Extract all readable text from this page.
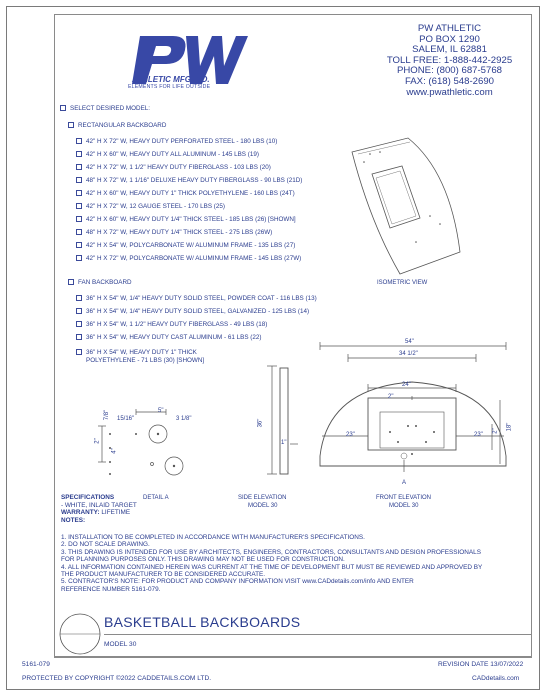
ATHLETIC MFG. CO.
ELEMENTS FOR LIFE OUTSIDE
PW ATHLETIC
PO BOX 1290
SALEM, IL 62881
TOLL FREE: 1-888-442-2925
PHONE: (800) 687-5768
FAX: (618) 548-2690
www.pwathletic.com
SELECT DESIRED MODEL:
RECTANGULAR BACKBOARD
42" H X 72" W, HEAVY DUTY PERFORATED STEEL - 180 LBS (10)
42" H X 60" W, HEAVY DUTY ALL ALUMINUM - 145 LBS (19)
42" H X 72" W, 1 1/2" HEAVY DUTY FIBERGLASS - 103 LBS (20)
48" H X 72" W, 1 1/16" DELUXE HEAVY DUTY FIBERGLASS - 90 LBS (21D)
42" H X 60" W, HEAVY DUTY 1" THICK POLYETHYLENE - 160 LBS (24T)
42" H X 72" W, 12 GAUGE STEEL - 170 LBS (25)
42" H X 60" W, HEAVY DUTY 1/4" THICK STEEL - 185 LBS (26) [SHOWN]
48" H X 72" W, HEAVY DUTY 1/4" THICK STEEL - 275 LBS (26W)
42" H X 54" W, POLYCARBONATE W/ ALUMINUM FRAME - 135 LBS (27)
42" H X 72" W, POLYCARBONATE W/ ALUMINUM FRAME - 145 LBS (27W)
FAN BACKBOARD
36" H X 54" W, 1/4" HEAVY DUTY SOLID STEEL, POWDER COAT - 116 LBS (13)
36" H X 54" W, 1/4" HEAVY DUTY SOLID STEEL, GALVANIZED - 125 LBS (14)
36" H X 54" W, 1 1/2" HEAVY DUTY FIBERGLASS - 49 LBS (18)
36" H X 54" W, HEAVY DUTY CAST ALUMINUM - 61 LBS (22)
36" H X 54" W, HEAVY DUTY 1" THICK
POLYETHYLENE - 71 LBS (30) [SHOWN]
ISOMETRIC VIEW
54"
34 1/2"
24"
2"
23"	23"
2" 18"
A
FRONT ELEVATION
MODEL 30
36"
1"
SIDE ELEVATION
MODEL 30
5"
15/16"	3 1/8"
7/8"
2"
4"
DETAIL A
SPECIFICATIONS
- WHITE, INLAID TARGET
WARRANTY: LIFETIME
NOTES:
1. INSTALLATION TO BE COMPLETED IN ACCORDANCE WITH MANUFACTURER'S SPECIFICATIONS.
2. DO NOT SCALE DRAWING.
3. THIS DRAWING IS INTENDED FOR USE BY ARCHITECTS, ENGINEERS, CONTRACTORS, CONSULTANTS AND DESIGN PROFESSIONALS
FOR PLANNING PURPOSES ONLY. THIS DRAWING MAY NOT BE USED FOR CONSTRUCTION.
4. ALL INFORMATION CONTAINED HEREIN WAS CURRENT AT THE TIME OF DEVELOPMENT BUT MUST BE REVIEWED AND APPROVED BY
THE PRODUCT MANUFACTURER TO BE CONSIDERED ACCURATE.
5. CONTRACTOR'S NOTE: FOR PRODUCT AND COMPANY INFORMATION VISIT www.CADdetails.com/info AND ENTER
REFERENCE NUMBER 5161-079.
BASKETBALL BACKBOARDS
MODEL 30
5161-079	REVISION DATE 13/07/2022
PROTECTED BY COPYRIGHT ©2022 CADDETAILS.COM LTD.	CADdetails.com
